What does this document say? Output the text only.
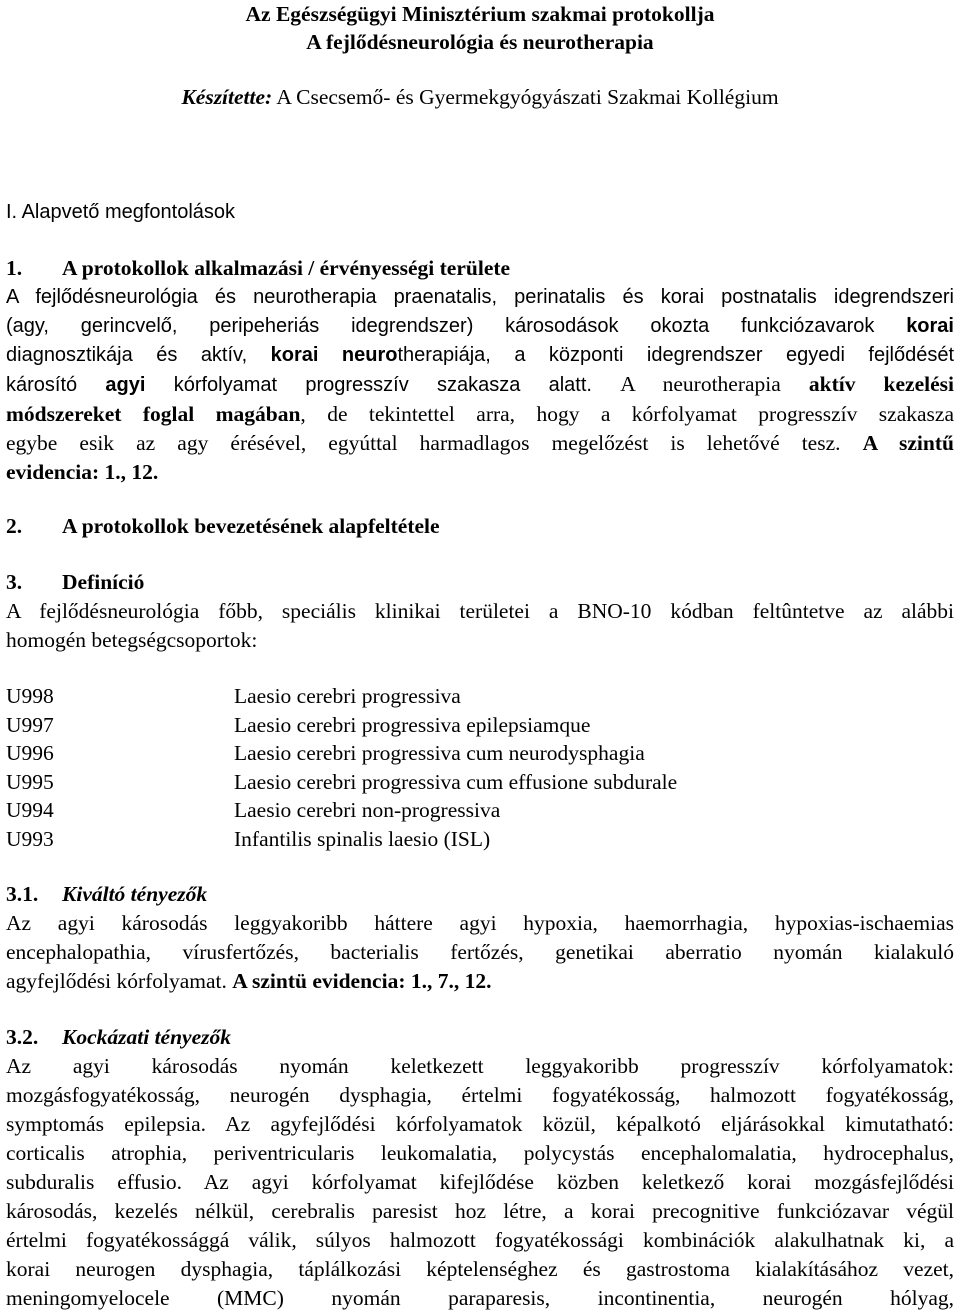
Az Egészségügyi Minisztérium szakmai protokollja
A fejlődésneurológia és neurotherapia
Készítette: A Csecsemő- és Gyermekgyógyászati Szakmai Kollégium
I. Alapvető megfontolások

1. A protokollok alkalmazási / érvényességi területe

A fejlődésneurológia és neurotherapia praenatalis, perinatalis és korai postnatalis idegrendszeri

(agy, gerincvelő, peripeheriás idegrendszer) károsodások okozta funkciózavarok korai

diagnosztikája és aktív, korai neurotherapiája, a központi idegrendszer egyedi fejlődését

károsító agyi kórfolyamat progresszív szakasza alatt. A neurotherapia aktív kezelési

módszereket foglal magában, de tekintettel arra, hogy a kórfolyamat progresszív szakasza

egybe esik az agy érésével, egyúttal harmadlagos megelőzést is lehetővé tesz. A szintű

evidencia: 1., 12.

2. A protokollok bevezetésének alapfeltétele

3. Definíció

A fejlődésneurológia főbb, speciális klinikai területei a BNO-10 kódban feltûntetve az alábbi

homogén betegségcsoportok:

U998	Laesio cerebri progressiva
U997	Laesio cerebri progressiva epilepsiamque
U996	Laesio cerebri progressiva cum neurodysphagia
U995	Laesio cerebri progressiva cum effusione subdurale
U994	Laesio cerebri non-progressiva
U993	Infantilis spinalis laesio (ISL)

3.1. Kiváltó tényezők

Az agyi károsodás leggyakoribb háttere agyi hypoxia, haemorrhagia, hypoxias-ischaemias

encephalopathia, vírusfertőzés, bacterialis fertőzés, genetikai aberratio nyomán kialakuló

agyfejlődési kórfolyamat. A szintü evidencia: 1., 7., 12.

3.2. Kockázati tényezők

Az agyi károsodás nyomán keletkezett leggyakoribb progresszív kórfolyamatok:

mozgásfogyatékosság, neurogén dysphagia, értelmi fogyatékosság, halmozott fogyatékosság,

symptomás epilepsia. Az agyfejlődési kórfolyamatok közül, képalkotó eljárásokkal kimutatható:

corticalis atrophia, periventricularis leukomalatia, polycystás encephalomalatia, hydrocephalus,

subduralis effusio. Az agyi kórfolyamat kifejlődése közben keletkező korai mozgásfejlődési

károsodás, kezelés nélkül, cerebralis paresist hoz létre, a korai precognitive funkciózavar végül

értelmi fogyatékossággá válik, súlyos halmozott fogyatékossági kombinációk alakulhatnak ki, a

korai neurogen dysphagia, táplálkozási képtelenséghez és gastrostoma kialakításához vezet,

meningomyelocele (MMC) nyomán paraparesis, incontinentia, neurogén hólyag,
